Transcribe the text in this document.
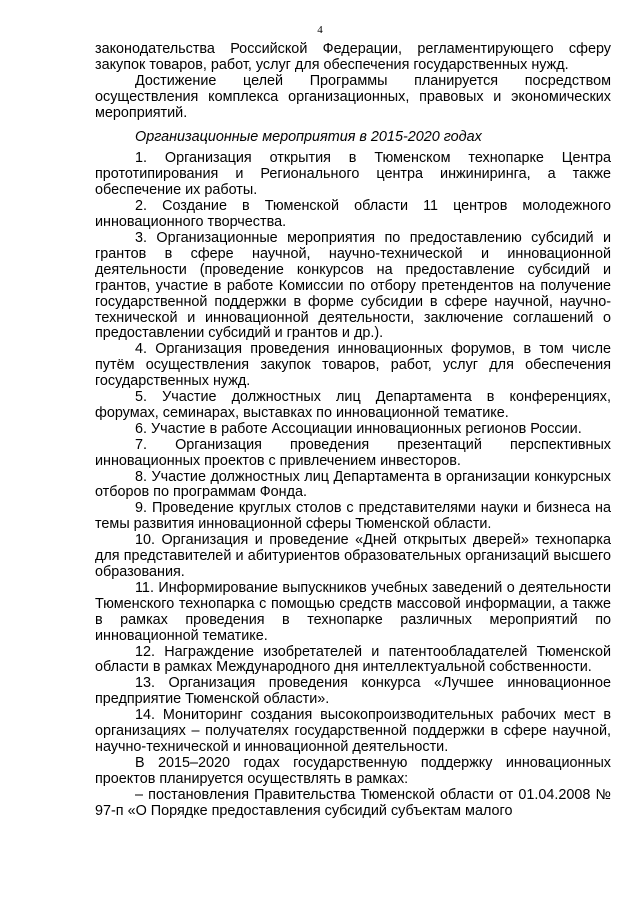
4

законодательства Российской Федерации, регламентирующего сферу закупок товаров, работ, услуг для обеспечения государственных нужд.

Достижение целей Программы планируется посредством осуществления комплекса организационных, правовых и экономических мероприятий.

Организационные мероприятия в 2015-2020 годах

1. Организация открытия в Тюменском технопарке Центра прототипирования и Регионального центра инжиниринга, а также обеспечение их работы.

2. Создание в Тюменской области 11 центров молодежного инновационного творчества.

3. Организационные мероприятия по предоставлению субсидий и грантов в сфере научной, научно-технической и инновационной деятельности (проведение конкурсов на предоставление субсидий и грантов, участие в работе Комиссии по отбору претендентов на получение государственной поддержки в форме субсидии в сфере научной, научно-технической и инновационной деятельности, заключение соглашений о предоставлении субсидий и грантов и др.).

4. Организация проведения инновационных форумов, в том числе путём осуществления закупок товаров, работ, услуг для обеспечения государственных нужд.

5. Участие должностных лиц Департамента в конференциях, форумах, семинарах, выставках по инновационной тематике.

6. Участие в работе Ассоциации инновационных регионов России.

7. Организация проведения презентаций перспективных инновационных проектов с привлечением инвесторов.

8. Участие должностных лиц Департамента в организации конкурсных отборов по программам Фонда.

9. Проведение круглых столов с представителями науки и бизнеса на темы развития инновационной сферы Тюменской области.

10. Организация и проведение «Дней открытых дверей» технопарка для представителей и абитуриентов образовательных организаций высшего образования.

11. Информирование выпускников учебных заведений о деятельности Тюменского технопарка с помощью средств массовой информации, а также в рамках проведения в технопарке различных мероприятий по инновационной тематике.

12. Награждение изобретателей и патентообладателей Тюменской области в рамках Международного дня интеллектуальной собственности.

13. Организация проведения конкурса «Лучшее инновационное предприятие Тюменской области».

14. Мониторинг создания высокопроизводительных рабочих мест в организациях – получателях государственной поддержки в сфере научной, научно-технической и инновационной деятельности.

В 2015–2020 годах государственную поддержку инновационных проектов планируется осуществлять в рамках:

– постановления Правительства Тюменской области от 01.04.2008 № 97-п «О Порядке предоставления субсидий субъектам малого
